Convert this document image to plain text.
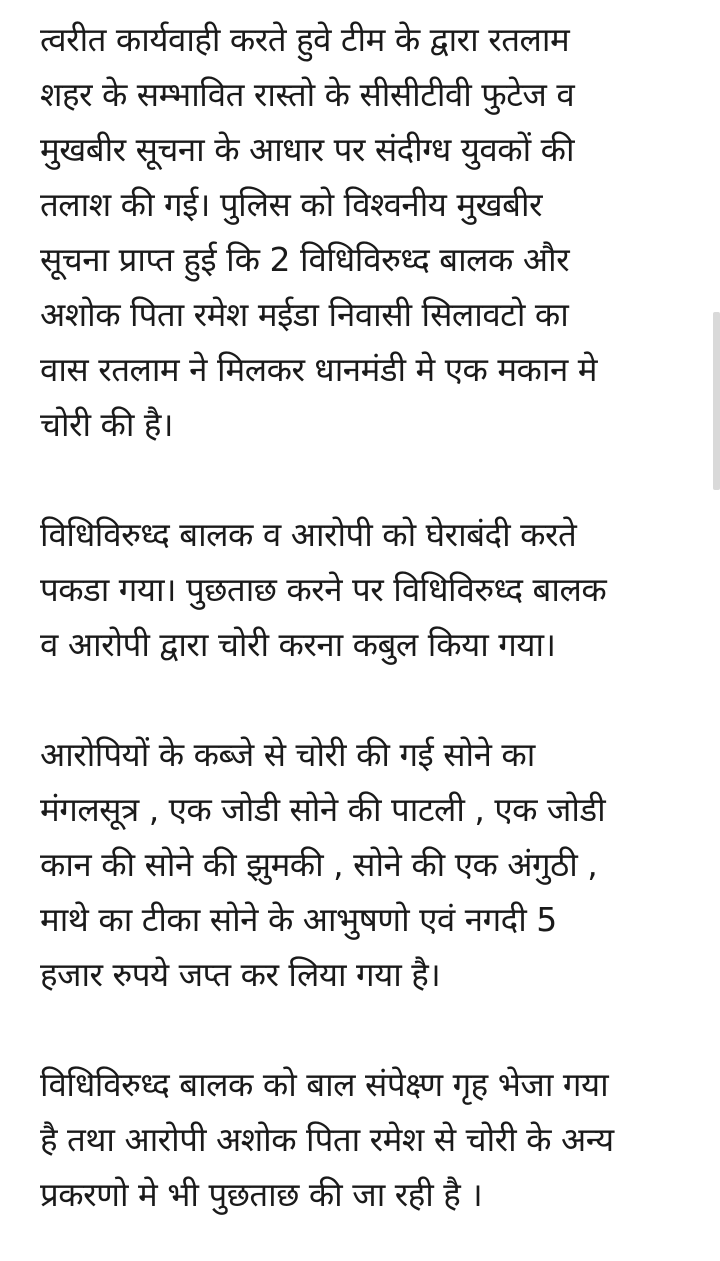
त्वरीत कार्यवाही करते हुवे टीम के द्वारा रतलाम
शहर के सम्भावित रास्तो के सीसीटीवी फुटेज व
मुखबीर सूचना के आधार पर संदीग्ध युवकों की
तलाश की गई। पुलिस को विश्वनीय मुखबीर
सूचना प्राप्त हुई कि 2 विधिविरुध्द बालक और
अशोक पिता रमेश मईडा निवासी सिलावटो का
वास रतलाम ने मिलकर धानमंडी मे एक मकान मे
चोरी की है।

विधिविरुध्द बालक व आरोपी को घेराबंदी करते
पकडा गया। पुछताछ करने पर विधिविरुध्द बालक
व आरोपी द्वारा चोरी करना कबुल किया गया।

आरोपियों के कब्जे से चोरी की गई सोने का
मंगलसूत्र , एक जोडी सोने की पाटली , एक जोडी
कान की सोने की झुमकी , सोने की एक अंगुठी ,
माथे का टीका सोने के आभुषणो एवं नगदी 5
हजार रुपये जप्त कर लिया गया है।

विधिविरुध्द बालक को बाल संपेक्ष्ण गृह भेजा गया
है तथा आरोपी अशोक पिता रमेश से चोरी के अन्य
प्रकरणो मे भी पुछताछ की जा रही है ।
